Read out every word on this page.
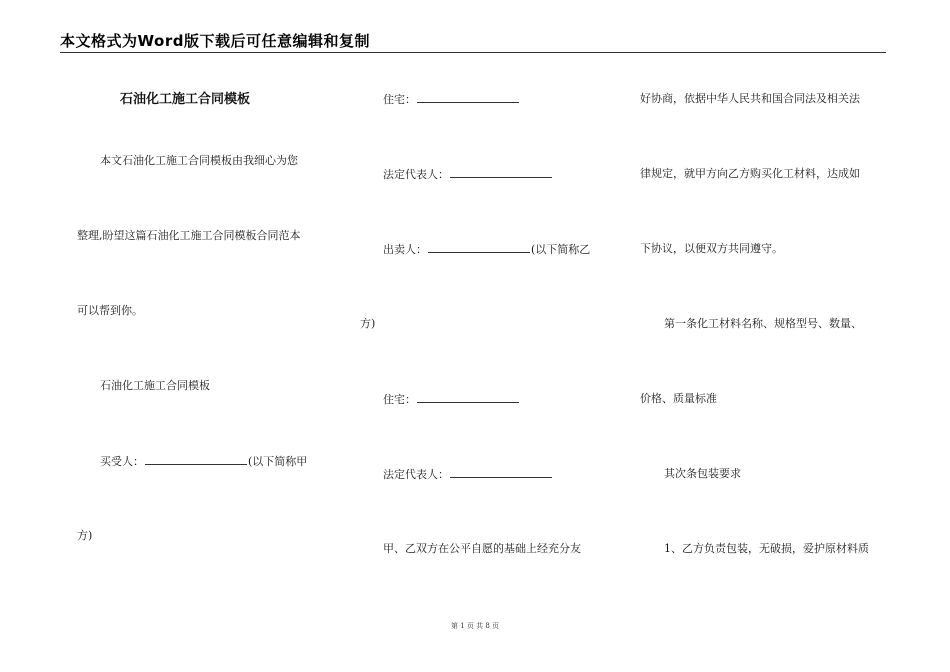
本文格式为Word版下载后可任意编辑和复制
石油化工施工合同模板
本文石油化工施工合同模板由我细心为您
整理,盼望这篇石油化工施工合同模板合同范本
可以帮到你。
石油化工施工合同模板
买受人：	(以下简称甲
方)
住宅：
法定代表人：
出卖人：	(以下简称乙
方)
住宅：
法定代表人：
甲、乙双方在公平自愿的基础上经充分友
好协商，依据中华人民共和国合同法及相关法
律规定，就甲方向乙方购买化工材料，达成如
下协议，以便双方共同遵守。
第一条化工材料名称、规格型号、数量、
价格、质量标准
其次条包装要求
1、乙方负责包装，无破损，爱护原材料质
第 1 页 共 8 页
